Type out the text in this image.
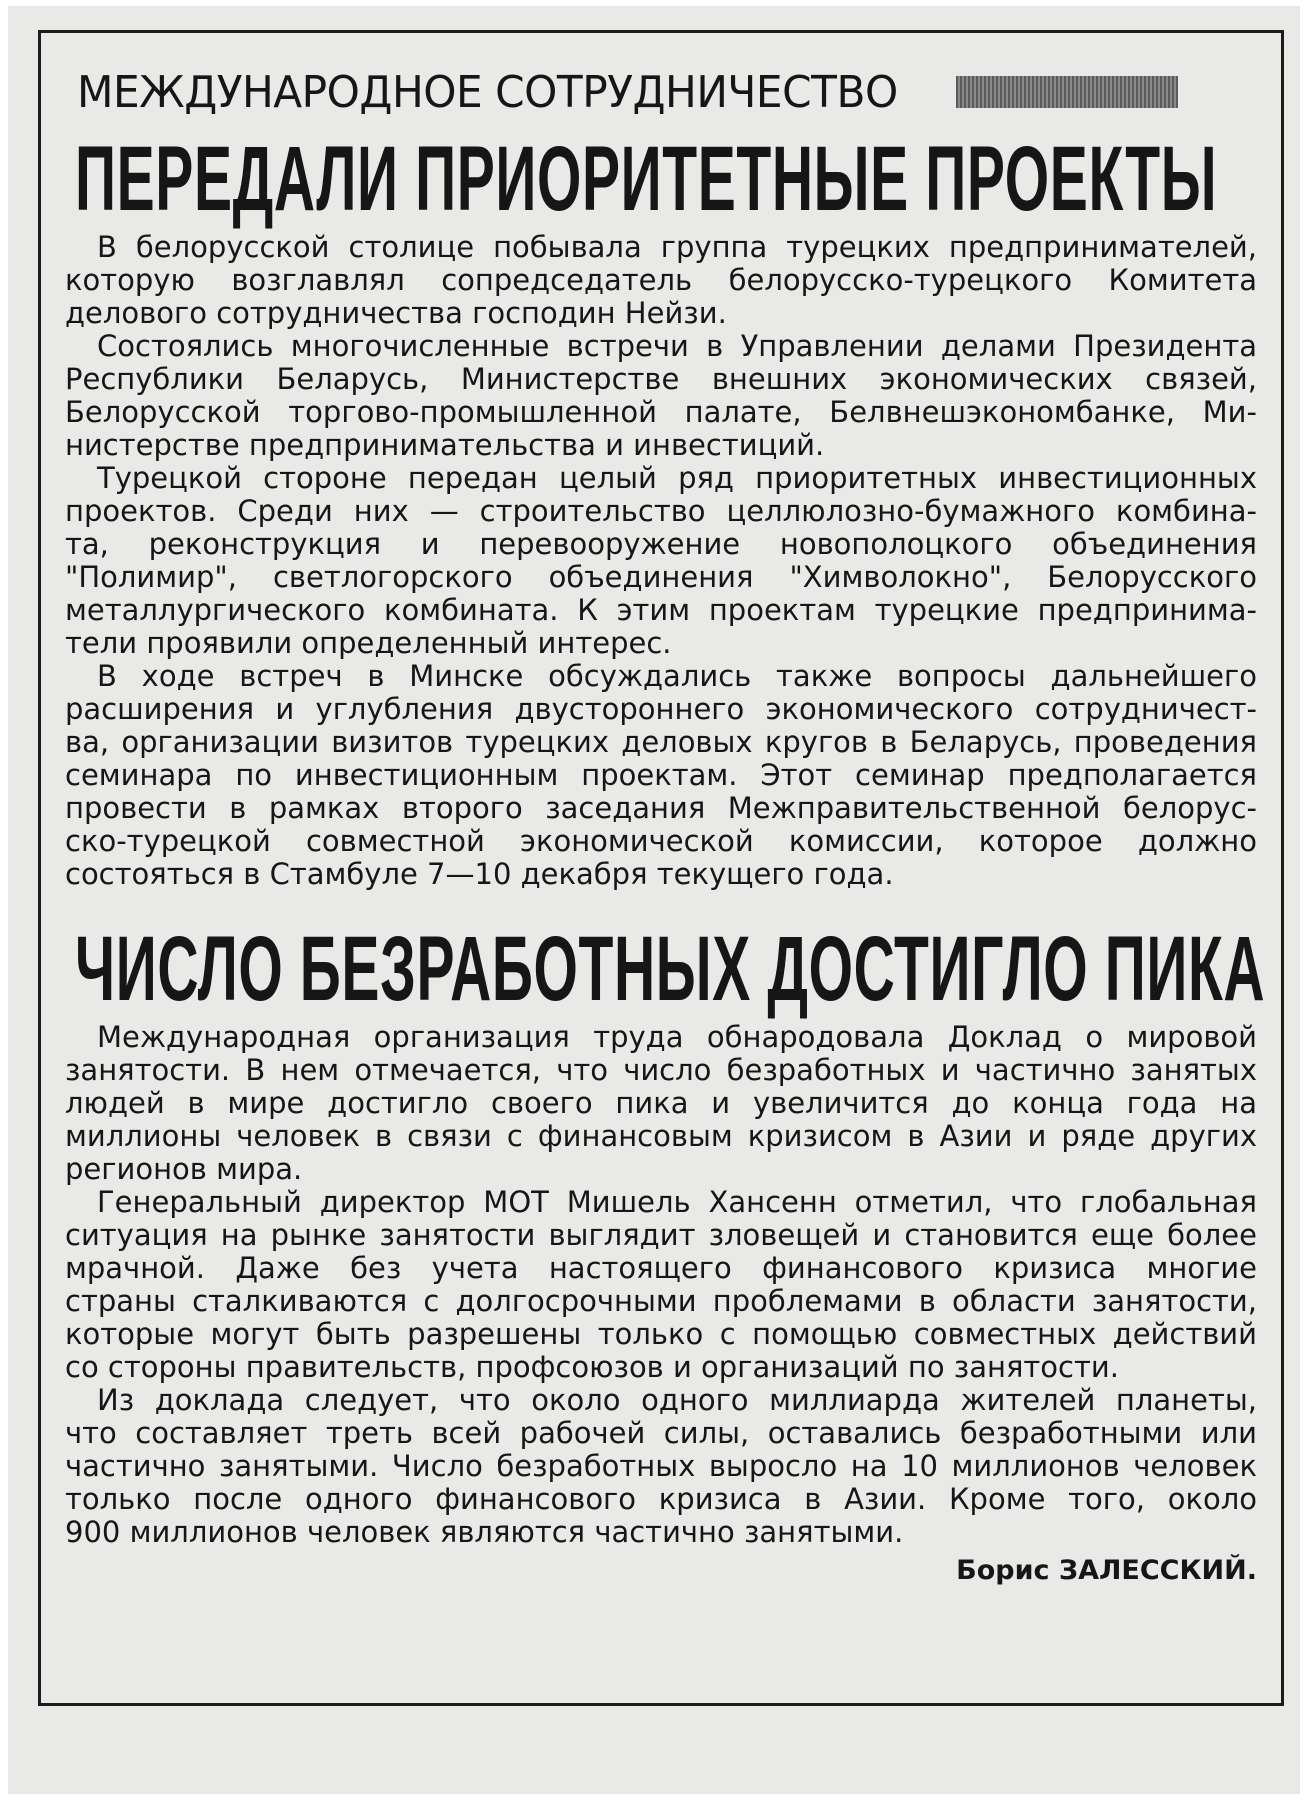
МЕЖДУНАРОДНОЕ СОТРУДНИЧЕСТВО
ПЕРЕДАЛИ ПРИОРИТЕТНЫЕ ПРОЕКТЫ
В белорусской столице побывала группа турецких предпринимателей,
которую возглавлял сопредседатель белорусско-турецкого Комитета
делового сотрудничества господин Нейзи.
Состоялись многочисленные встречи в Управлении делами Президента
Республики Беларусь, Министерстве внешних экономических связей,
Белорусской торгово-промышленной палате, Белвнешэкономбанке, Ми-
нистерстве предпринимательства и инвестиций.
Турецкой стороне передан целый ряд приоритетных инвестиционных
проектов. Среди них — строительство целлюлозно-бумажного комбина-
та, реконструкция и перевооружение новополоцкого объединения
"Полимир", светлогорского объединения "Химволокно", Белорусского
металлургического комбината. К этим проектам турецкие предпринима-
тели проявили определенный интерес.
В ходе встреч в Минске обсуждались также вопросы дальнейшего
расширения и углубления двустороннего экономического сотрудничест-
ва, организации визитов турецких деловых кругов в Беларусь, проведения
семинара по инвестиционным проектам. Этот семинар предполагается
провести в рамках второго заседания Межправительственной белорус-
ско-турецкой совместной экономической комиссии, которое должно
состояться в Стамбуле 7—10 декабря текущего года.
ЧИСЛО БЕЗРАБОТНЫХ ДОСТИГЛО ПИКА
Международная организация труда обнародовала Доклад о мировой
занятости. В нем отмечается, что число безработных и частично занятых
людей в мире достигло своего пика и увеличится до конца года на
миллионы человек в связи с финансовым кризисом в Азии и ряде других
регионов мира.
Генеральный директор МОТ Мишель Хансенн отметил, что глобальная
ситуация на рынке занятости выглядит зловещей и становится еще более
мрачной. Даже без учета настоящего финансового кризиса многие
страны сталкиваются с долгосрочными проблемами в области занятости,
которые могут быть разрешены только с помощью совместных действий
со стороны правительств, профсоюзов и организаций по занятости.
Из доклада следует, что около одного миллиарда жителей планеты,
что составляет треть всей рабочей силы, оставались безработными или
частично занятыми. Число безработных выросло на 10 миллионов человек
только после одного финансового кризиса в Азии. Кроме того, около
900 миллионов человек являются частично занятыми.
Борис ЗАЛЕССКИЙ.
